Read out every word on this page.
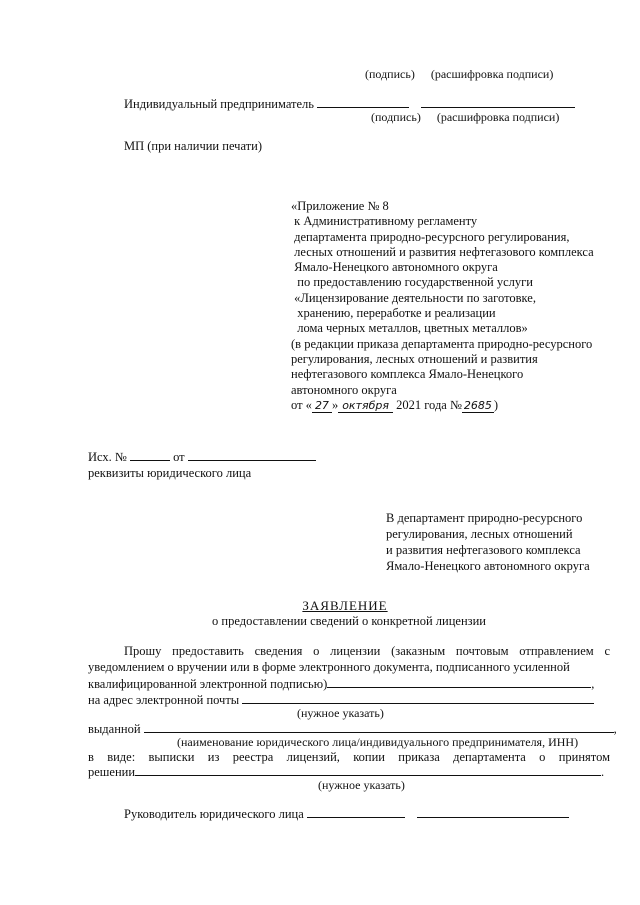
(подпись) (расшифровка подписи)
Индивидуальный предприниматель
(подпись) (расшифровка подписи)
МП (при наличии печати)
«Приложение № 8
к Административному регламенту
департамента природно-ресурсного регулирования,
лесных отношений и развития нефтегазового комплекса
Ямало-Ненецкого автономного округа
по предоставлению государственной услуги
«Лицензирование деятельности по заготовке,
хранению, переработке и реализации
лома черных металлов, цветных металлов»
(в редакции приказа департамента природно-ресурсного
регулирования, лесных отношений и развития
нефтегазового комплекса Ямало-Ненецкого
автономного округа
от « 27 » октября 2021 года № 2685 )
Исх. №	от
реквизиты юридического лица
В департамент природно-ресурсного
регулирования, лесных отношений
и развития нефтегазового комплекса
Ямало-Ненецкого автономного округа
ЗАЯВЛЕНИЕ
о предоставлении сведений о конкретной лицензии
Прошу предоставить сведения о лицензии (заказным почтовым отправлением с уведомлением о вручении или в форме электронного документа, подписанного усиленной
квалифицированной электронной подписью)	,
на адрес электронной почты
(нужное указать)
выданной	,
(наименование юридического лица/индивидуального предпринимателя, ИНН)
в виде: выписки из реестра лицензий, копии приказа департамента о принятом
решении	.
(нужное указать)
Руководитель юридического лица
